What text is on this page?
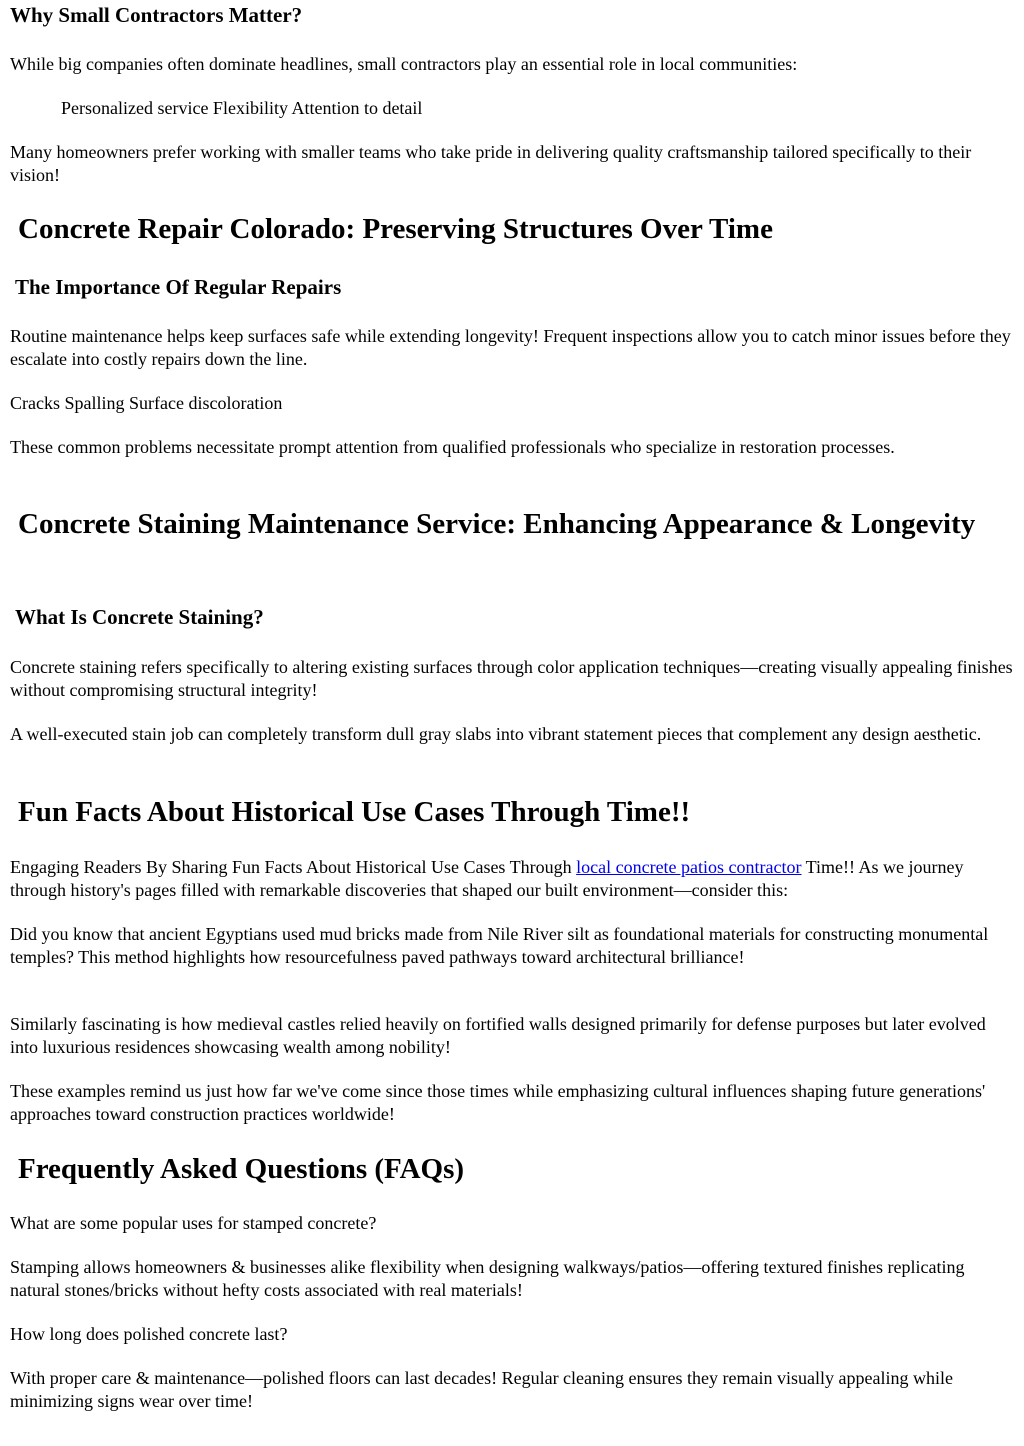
Why Small Contractors Matter?

While big companies often dominate headlines, small contractors play an essential role in local communities:

Personalized service Flexibility Attention to detail

Many homeowners prefer working with smaller teams who take pride in delivering quality craftsmanship tailored specifically to their vision!

Concrete Repair Colorado: Preserving Structures Over Time
The Importance Of Regular Repairs

Routine maintenance helps keep surfaces safe while extending longevity! Frequent inspections allow you to catch minor issues before they escalate into costly repairs down the line.

Cracks Spalling Surface discoloration

These common problems necessitate prompt attention from qualified professionals who specialize in restoration processes.

Concrete Staining Maintenance Service: Enhancing Appearance & Longevity
What Is Concrete Staining?

Concrete staining refers specifically to altering existing surfaces through color application techniques—creating visually appealing finishes without compromising structural integrity!

A well-executed stain job can completely transform dull gray slabs into vibrant statement pieces that complement any design aesthetic.

Fun Facts About Historical Use Cases Through Time!!

Engaging Readers By Sharing Fun Facts About Historical Use Cases Through local concrete patios contractor Time!! As we journey through history's pages filled with remarkable discoveries that shaped our built environment—consider this:

Did you know that ancient Egyptians used mud bricks made from Nile River silt as foundational materials for constructing monumental temples? This method highlights how resourcefulness paved pathways toward architectural brilliance!

Similarly fascinating is how medieval castles relied heavily on fortified walls designed primarily for defense purposes but later evolved into luxurious residences showcasing wealth among nobility!

These examples remind us just how far we've come since those times while emphasizing cultural influences shaping future generations' approaches toward construction practices worldwide!

Frequently Asked Questions (FAQs)

What are some popular uses for stamped concrete?

Stamping allows homeowners & businesses alike flexibility when designing walkways/patios—offering textured finishes replicating natural stones/bricks without hefty costs associated with real materials!

How long does polished concrete last?

With proper care & maintenance—polished floors can last decades! Regular cleaning ensures they remain visually appealing while minimizing signs wear over time!
